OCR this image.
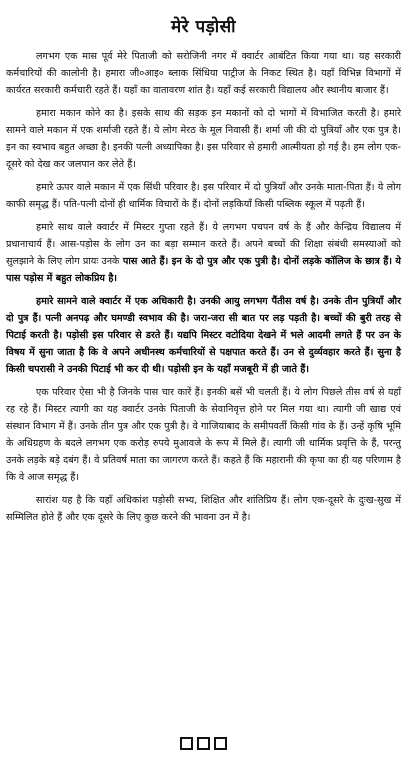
मेरे पड़ोसी

लगभग एक मास पूर्व मेरे पिताजी को सरोजिनी नगर में क्वार्टर आबंटित किया गया था। यह सरकारी कर्मचारियों की कालोनी है। हमारा जी०आइ० ब्लाक सिंधिया पाट्रीज के निकट स्थित है। यहाँ विभिन्न विभागों में कार्यरत सरकारी कर्मचारी रहते हैं। यहाँ का वातावरण शांत है। यहाँ कई सरकारी विद्यालय और स्थानीय बाजार हैं।

हमारा मकान कोने का है। इसके साथ की सड़क इन मकानों को दो भागों में विभाजित करती है। हमारे सामने वाले मकान में एक शर्माजी रहते हैं। ये लोग मेरठ के मूल निवासी हैं। शर्मा जी की दो पुत्रियाँ और एक पुत्र है। इन का स्वभाव बहुत अच्छा है। इनकी पत्नी अध्यापिका है। इस परिवार से हमारी आत्मीयता हो गई है। हम लोग एक-दूसरे को देख कर जलपान कर लेते हैं।

हमारे ऊपर वाले मकान में एक सिंधी परिवार है। इस परिवार में दो पुत्रियाँ और उनके माता-पिता हैं। ये लोग काफी समृद्ध हैं। पति-पत्नी दोनों ही धार्मिक विचारों के हैं। दोनों लड़कियाँ किसी पब्लिक स्कूल में पढ़ती हैं।

हमारे साथ वाले क्वार्टर में मिस्टर गुप्ता रहते हैं। ये लगभग पचपन वर्ष के हैं और केन्द्रिय विद्यालय में प्रधानाचार्य हैं। आस-पड़ोस के लोग उन का बड़ा सम्मान करते हैं। अपने बच्चों की शिक्षा संबंधी समस्याओं को सुलझाने के लिए लोग प्रायः उनके पास आते हैं। इन के दो पुत्र और एक पुत्री है। दोनों लड़के कॉलिज के छात्र हैं। ये पास पड़ोस में बहुत लोकप्रिय है।

हमारे सामने वाले क्वार्टर में एक अधिकारी है। उनकी आयु लगभग पैंतीस वर्ष है। उनके तीन पुत्रियाँ और दो पुत्र हैं। पत्नी अनपढ़ और घमण्डी स्वभाव की है। जरा-जरा सी बात पर लड़ पड़ती है। बच्चों की बुरी तरह से पिटाई करती है। पड़ोसी इस परिवार से डरते हैं। यद्यपि मिस्टर वटोदिया देखने में भले आदमी लगते हैं पर उन के विषय में सुना जाता है कि वे अपने अधीनस्थ कर्मचारियों से पक्षपात करते हैं। उन से दुर्व्यवहार करते हैं। सुना है किसी चपरासी ने उनकी पिटाई भी कर दी थी। पड़ोसी इन के यहाँ मजबूरी में ही जाते हैं।

एक परिवार ऐसा भी है जिनके पास चार कारें हैं। इनकी बसें भी चलती हैं। ये लोग पिछले तीस वर्ष से यहाँ रह रहे हैं। मिस्टर त्यागी का यह क्वार्टर उनके पिताजी के सेवानिवृत्त होने पर मिल गया था। त्यागी जी खाद्य एवं संस्थान विभाग में हैं। उनके तीन पुत्र और एक पुत्री है। वे गाजियाबाद के समीपवर्ती किसी गांव के हैं। उन्हें कृषि भूमि के अधिग्रहण के बदले लगभग एक करोड़ रुपये मुआवजे के रूप में मिले हैं। त्यागी जी धार्मिक प्रवृत्ति के हैं, परन्तु उनके लड़के बड़े दबंग हैं। वे प्रतिवर्ष माता का जागरण करते हैं। कहते हैं कि महारानी की कृपा का ही यह परिणाम है कि वे आज समृद्ध हैं।

सारांश यह है कि यहाँ अधिकांश पड़ोसी सभ्य, शिक्षित और शांतिप्रिय हैं। लोग एक-दूसरे के दुःख-सुख में सम्मिलित होते हैं और एक दूसरे के लिए कुछ करने की भावना उन में है।
